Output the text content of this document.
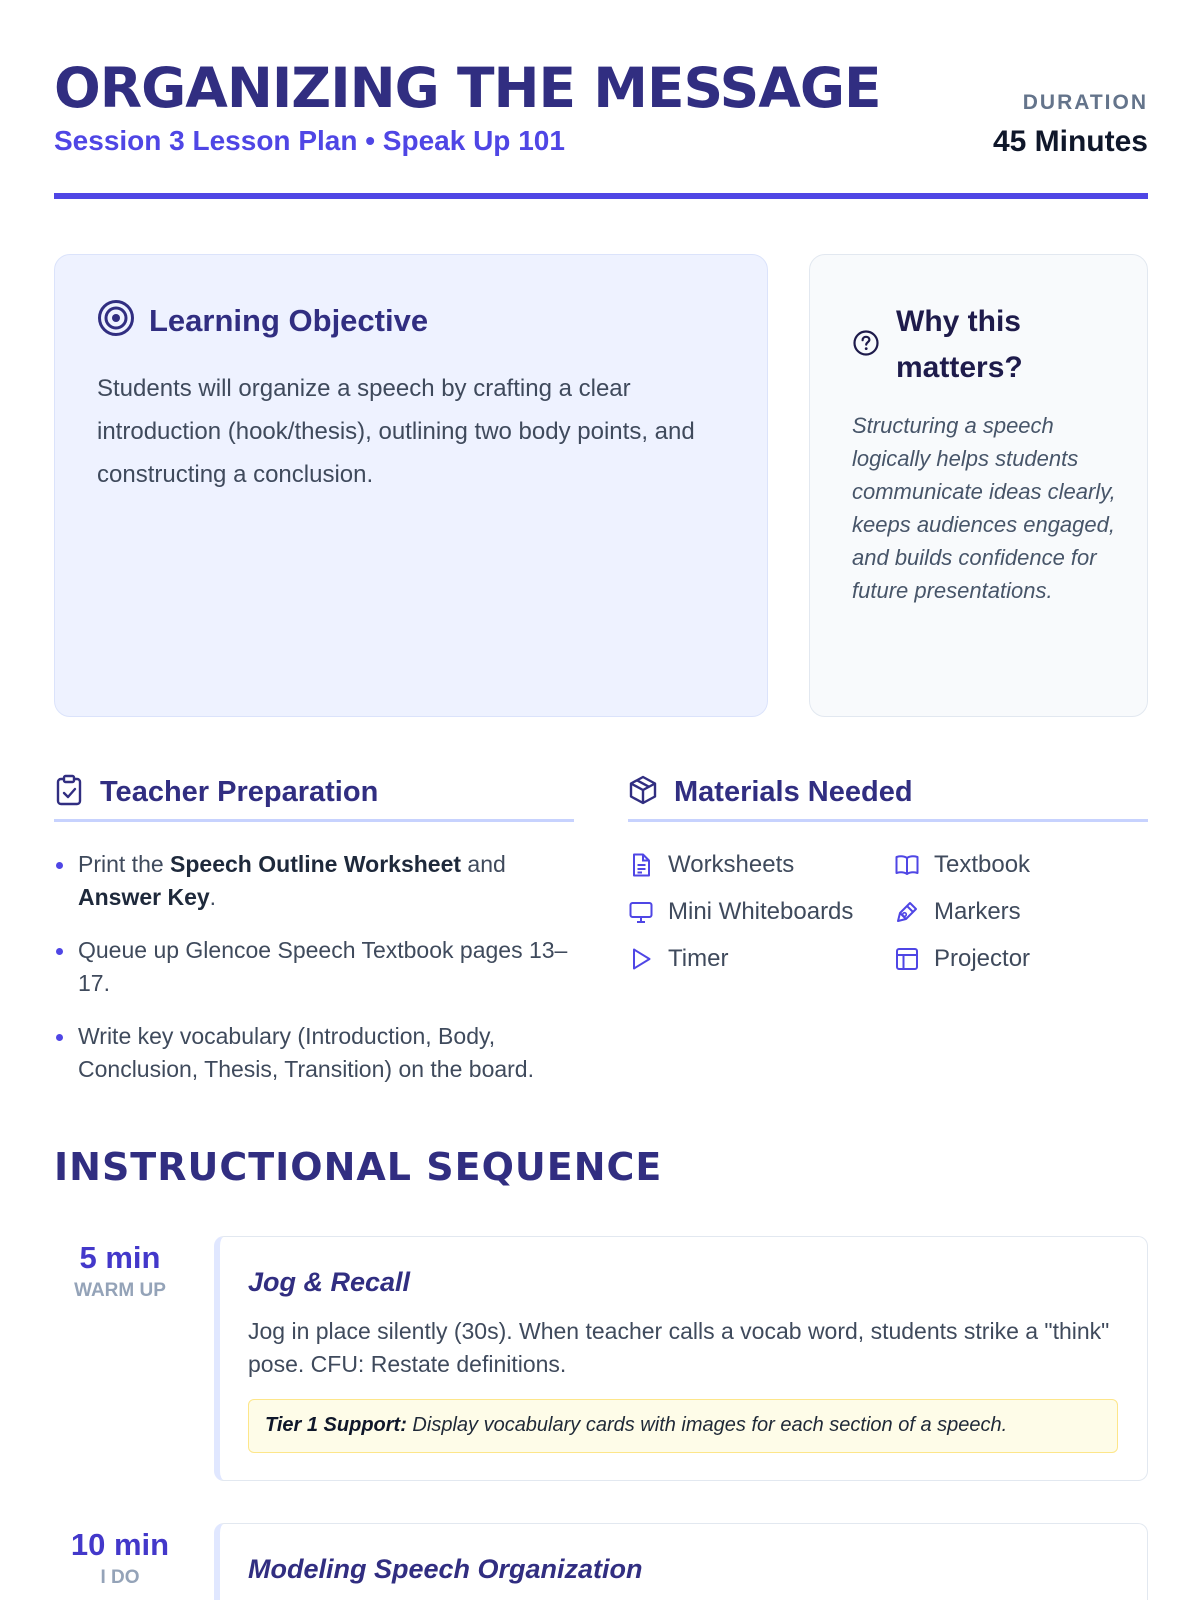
ORGANIZING THE MESSAGE
Session 3 Lesson Plan • Speak Up 101
DURATION
45 Minutes
Learning Objective

Students will organize a speech by crafting a clear introduction (hook/thesis), outlining two body points, and constructing a conclusion.

Why this matters?

Structuring a speech logically helps students communicate ideas clearly, keeps audiences engaged, and builds confidence for future presentations.

Teacher Preparation
Print the Speech Outline Worksheet and Answer Key.
Queue up Glencoe Speech Textbook pages 13–17.
Write key vocabulary (Introduction, Body, Conclusion, Thesis, Transition) on the board.
Materials Needed
Worksheets	Textbook
Mini Whiteboards	Markers
Timer	Projector
INSTRUCTIONAL SEQUENCE
5 min
WARM UP	Jog & Recall

Jog in place silently (30s). When teacher calls a vocab word, students strike a "think" pose. CFU: Restate definitions.

Tier 1 Support: Display vocabulary cards with images for each section of a speech.
10 min
I DO	Modeling Speech Organization
